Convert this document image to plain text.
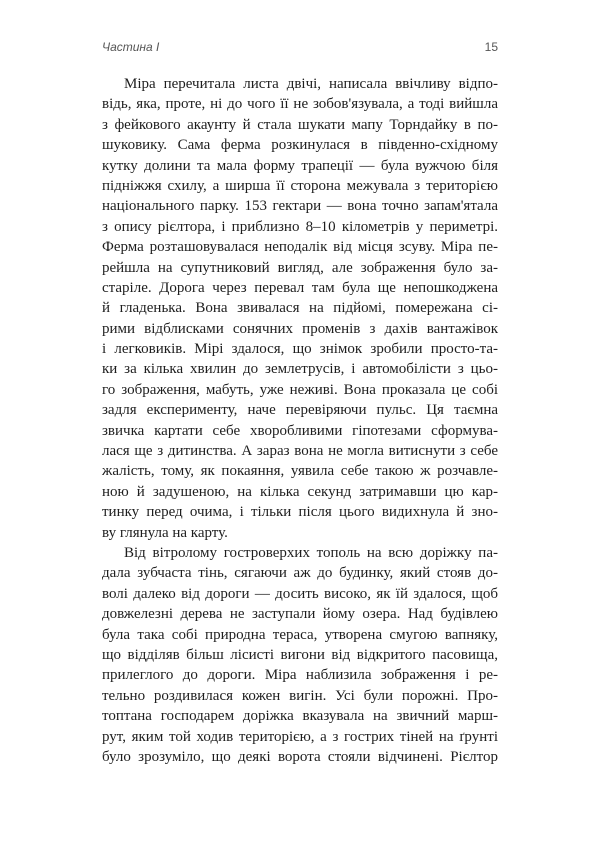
Частина I	15
Міра перечитала листа двічі, написала ввічливу відпо-
відь, яка, проте, ні до чого її не зобов'язувала, а тоді вийшла
з фейкового акаунту й стала шукати мапу Торндайку в по-
шуковику. Сама ферма розкинулася в південно-східному
кутку долини та мала форму трапеції — була вужчою біля
підніжжя схилу, а ширша її сторона межувала з територією
національного парку. 153 гектари — вона точно запам'ятала
з опису рієлтора, і приблизно 8–10 кілометрів у периметрі.
Ферма розташовувалася неподалік від місця зсуву. Міра пе-
рейшла на супутниковий вигляд, але зображення було за-
старіле. Дорога через перевал там була ще непошкоджена
й гладенька. Вона звивалася на підйомі, помережана сі-
рими відблисками сонячних променів з дахів вантажівок
і легковиків. Мірі здалося, що знімок зробили просто-та-
ки за кілька хвилин до землетрусів, і автомобілісти з цьо-
го зображення, мабуть, уже неживі. Вона проказала це собі
задля експерименту, наче перевіряючи пульс. Ця таємна
звичка картати себе хворобливими гіпотезами сформува-
лася ще з дитинства. А зараз вона не могла витиснути з себе
жалість, тому, як покаяння, уявила себе такою ж розчавле-
ною й задушеною, на кілька секунд затримавши цю кар-
тинку перед очима, і тільки після цього видихнула й зно-
ву глянула на карту.
Від вітролому гостроверхих тополь на всю доріжку па-
дала зубчаста тінь, сягаючи аж до будинку, який стояв до-
волі далеко від дороги — досить високо, як їй здалося, щоб
довжелезні дерева не заступали йому озера. Над будівлею
була така собі природна тераса, утворена смугою вапняку,
що відділяв більш лісисті вигони від відкритого пасовища,
прилеглого до дороги. Міра наблизила зображення і ре-
тельно роздивилася кожен вигін. Усі були порожні. Про-
топтана господарем доріжка вказувала на звичний марш-
рут, яким той ходив територією, а з гострих тіней на ґрунті
було зрозуміло, що деякі ворота стояли відчинені. Рієлтор
